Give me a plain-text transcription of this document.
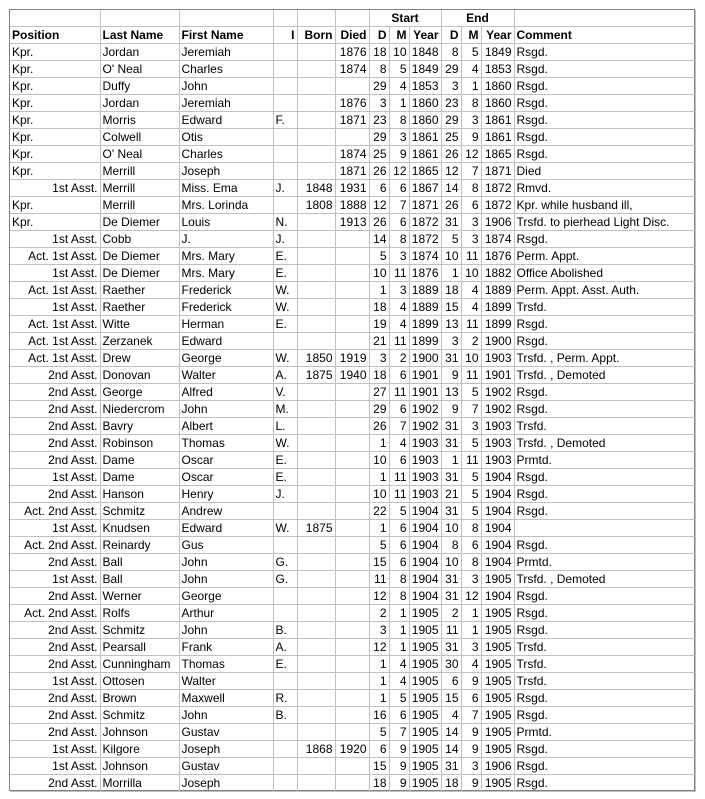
						Start			End			
Position	Last Name	First Name	I	Born	Died	D	M	Year	D	M	Year	Comment
Kpr.	Jordan	Jeremiah			1876	18	10	1848	8	5	1849	Rsgd.
Kpr.	O' Neal	Charles			1874	8	5	1849	29	4	1853	Rsgd.
Kpr.	Duffy	John				29	4	1853	3	1	1860	Rsgd.
Kpr.	Jordan	Jeremiah			1876	3	1	1860	23	8	1860	Rsgd.
Kpr.	Morris	Edward	F.		1871	23	8	1860	29	3	1861	Rsgd.
Kpr.	Colwell	Otis				29	3	1861	25	9	1861	Rsgd.
Kpr.	O' Neal	Charles			1874	25	9	1861	26	12	1865	Rsgd.
Kpr.	Merrill	Joseph			1871	26	12	1865	12	7	1871	Died
1st Asst.	Merrill	Miss. Ema	J.	1848	1931	6	6	1867	14	8	1872	Rmvd.
Kpr.	Merrill	Mrs. Lorinda		1808	1888	12	7	1871	26	6	1872	Kpr. while husband ill,
Kpr.	De Diemer	Louis	N.		1913	26	6	1872	31	3	1906	Trsfd. to pierhead Light Disc.
1st Asst.	Cobb	J.	J.			14	8	1872	5	3	1874	Rsgd.
Act. 1st Asst.	De Diemer	Mrs. Mary	E.			5	3	1874	10	11	1876	Perm. Appt.
1st Asst.	De Diemer	Mrs. Mary	E.			10	11	1876	1	10	1882	Office Abolished
Act. 1st Asst.	Raether	Frederick	W.			1	3	1889	18	4	1889	Perm. Appt. Asst. Auth.
1st Asst.	Raether	Frederick	W.			18	4	1889	15	4	1899	Trsfd.
Act. 1st Asst.	Witte	Herman	E.			19	4	1899	13	11	1899	Rsgd.
Act. 1st Asst.	Zerzanek	Edward				21	11	1899	3	2	1900	Rsgd.
Act. 1st Asst.	Drew	George	W.	1850	1919	3	2	1900	31	10	1903	Trsfd. , Perm. Appt.
2nd Asst.	Donovan	Walter	A.	1875	1940	18	6	1901	9	11	1901	Trsfd. , Demoted
2nd Asst.	George	Alfred	V.			27	11	1901	13	5	1902	Rsgd.
2nd Asst.	Niedercrom	John	M.			29	6	1902	9	7	1902	Rsgd.
2nd Asst.	Bavry	Albert	L.			26	7	1902	31	3	1903	Trsfd.
2nd Asst.	Robinson	Thomas	W.			1	4	1903	31	5	1903	Trsfd. , Demoted
2nd Asst.	Dame	Oscar	E.			10	6	1903	1	11	1903	Prmtd.
1st Asst.	Dame	Oscar	E.			1	11	1903	31	5	1904	Rsgd.
2nd Asst.	Hanson	Henry	J.			10	11	1903	21	5	1904	Rsgd.
Act. 2nd Asst.	Schmitz	Andrew				22	5	1904	31	5	1904	Rsgd.
1st Asst.	Knudsen	Edward	W.	1875		1	6	1904	10	8	1904	
Act. 2nd Asst.	Reinardy	Gus				5	6	1904	8	6	1904	Rsgd.
2nd Asst.	Ball	John	G.			15	6	1904	10	8	1904	Prmtd.
1st Asst.	Ball	John	G.			11	8	1904	31	3	1905	Trsfd. , Demoted
2nd Asst.	Werner	George				12	8	1904	31	12	1904	Rsgd.
Act. 2nd Asst.	Rolfs	Arthur				2	1	1905	2	1	1905	Rsgd.
2nd Asst.	Schmitz	John	B.			3	1	1905	11	1	1905	Rsgd.
2nd Asst.	Pearsall	Frank	A.			12	1	1905	31	3	1905	Trsfd.
2nd Asst.	Cunningham	Thomas	E.			1	4	1905	30	4	1905	Trsfd.
1st Asst.	Ottosen	Walter				1	4	1905	6	9	1905	Trsfd.
2nd Asst.	Brown	Maxwell	R.			1	5	1905	15	6	1905	Rsgd.
2nd Asst.	Schmitz	John	B.			16	6	1905	4	7	1905	Rsgd.
2nd Asst.	Johnson	Gustav				5	7	1905	14	9	1905	Prmtd.
1st Asst.	Kilgore	Joseph		1868	1920	6	9	1905	14	9	1905	Rsgd.
1st Asst.	Johnson	Gustav				15	9	1905	31	3	1906	Rsgd.
2nd Asst.	Morrilla	Joseph				18	9	1905	18	9	1905	Rsgd.
